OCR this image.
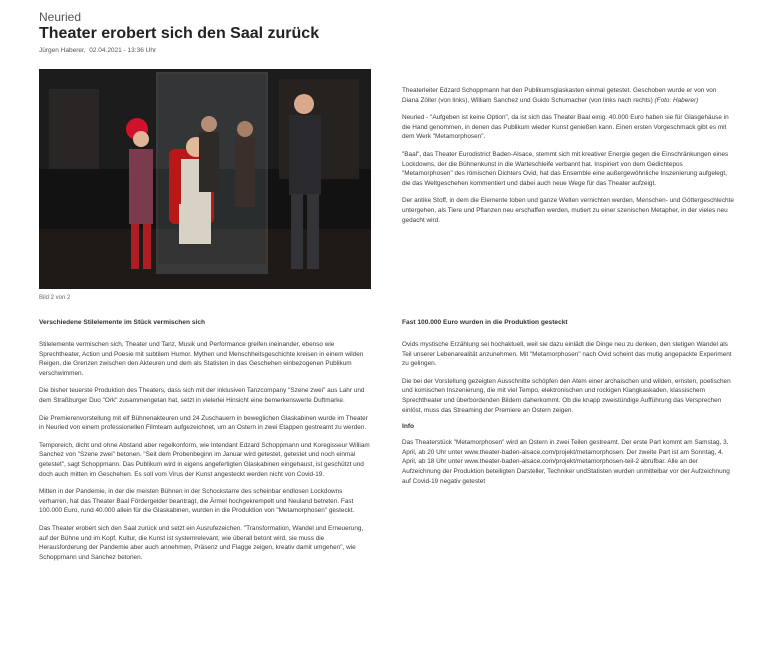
Neuried
Theater erobert sich den Saal zurück
Jürgen Haberer, 02.04.2021 - 13:36 Uhr
Bild 2 von 2

Theaterleiter Edzard Schoppmann hat den Publikumsglaskasten einmal getestet. Geschoben wurde er von von Diana Zöller (von links), William Sanchez und Guido Schumacher (von links nach rechts) (Foto: Haberer)

Neuried - "Aufgeben ist keine Option", da ist sich das Theater Baal einig. 40.000 Euro haben sie für Glasgehäuse in die Hand genommen, in denen das Publikum wieder Kunst genießen kann. Einen ersten Vorgeschmack gibt es mit dem Werk "Metamorphosen".

"Baal", das Theater Eurodistrict Baden-Alsace, stemmt sich mit kreativer Energie gegen die Einschränkungen eines Lockdowns, der die Bühnenkunst in die Warteschleife verbannt hat. Inspiriert von dem Gedichtepos "Metamorphosen" des römischen Dichters Ovid, hat das Ensemble eine außergewöhnliche Inszenierung aufgelegt, die das Weltgeschehen kommentiert und dabei auch neue Wege für das Theater aufzeigt.

Der antike Stoff, in dem die Elemente toben und ganze Welten vernichten werden, Menschen- und Göttergeschlechte untergehen, als Tiere und Pflanzen neu erschaffen werden, mutiert zu einer szenischen Metapher, in der vieles neu gedacht wird.

Verschiedene Stilelemente im Stück vermischen sich

Stilelemente vermischen sich, Theater und Tanz, Musik und Performance greifen ineinander, ebenso wie Sprechtheater, Action und Poesie mit subtilem Humor. Mythen und Menschheitsgeschichte kreisen in einem wilden Reigen, die Grenzen zwischen den Akteuren und dem als Statisten in das Geschehen einbezogenen Publikum verschwimmen.

Die bisher teuerste Produktion des Theaters, dass sich mit der inklusiven Tanzcompany "Szene zwei" aus Lahr und dem Straßburger Duo "Ork" zusammengetan hat, setzt in vielerlei Hinsicht eine bemerkenswerte Duftmarke.

Die Premierenvorstellung mit elf Bühnenakteuren und 24 Zuschauern in beweglichen Glaskabinen wurde im Theater in Neuried von einem professionellen Filmteam aufgezeichnet, um an Ostern in zwei Etappen gestreamt zu werden.

Temporeich, dicht und ohne Abstand aber regelkonform, wie Intendant Edzard Schoppmann und Koregisseur William Sanchez von "Szene zwei" betonen. "Seit dem Probenbeginn im Januar wird getestet, getestet und noch einmal getestet", sagt Schoppmann. Das Publikum wird in eigens angefertigten Glaskabinen eingehaust, ist geschützt und doch auch mitten im Geschehen. Es soll vom Virus der Kunst angesteckt werden nicht von Covid-19.

Mitten in der Pandemie, in der die meisten Bühnen in der Schockstarre des scheinbar endlosen Lockdowns verharren, hat das Theater Baal Fördergelder beantragt, die Ärmel hochgekrempelt und Neuland betreten. Fast 100.000 Euro, rund 40.000 allein für die Glaskabinen, wurden in die Produktion von "Metamorphosen" gesteckt.

Das Theater erobert sich den Saal zurück und setzt ein Ausrufezeichen. "Transformation, Wandel und Erneuerung, auf der Bühne und im Kopf, Kultur, die Kunst ist systemrelevant, wie überall betont wird, sie muss die Herausforderung der Pandemie aber auch annehmen, Präsenz und Flagge zeigen, kreativ damit umgehen", wie Schoppmann und Sanchez betonen.

Fast 100.000 Euro wurden in die Produktion gesteckt

Ovids mystische Erzählung sei hochaktuell, weil sie dazu einlädt die Dinge neu zu denken, den stetigen Wandel als Teil unserer Lebenarealität anzunehmen. Mit "Metamorphosen" nach Ovid scheint das mutig angepackte Experiment zu gelingen.

Die bei der Vorstellung gezeigten Ausschnitte schöpfen den Atem einer archaischen und wilden, ernsten, poetischen und komischen Inszenierung, die mit viel Tempo, elektronischen und rockigen Klangkaskaden, klassischem Sprechtheater und überbordenden Bildern daherkommt. Ob die knapp zweistündige Aufführung das Versprechen einlöst, muss das Streaming der Premiere an Ostern zeigen.

Info

Das Theaterstück "Metamorphosen" wird an Ostern in zwei Teilen gestreamt. Der erste Part kommt am Samstag, 3. April, ab 20 Uhr unter www.theater-baden-alsace.com/projekt/metamorphosen. Der zweite Part ist am Sonntag, 4. April, ab 18 Uhr unter www.theater-baden-alsace.com/projekt/metamorphosen-teil-2 abrufbar. Alle an der Aufzeichnung der Produktion beteiligten Darsteller, Techniker undStatisten wurden unmittelbar vor der Aufzeichnung auf Covid-19 negativ getestet
